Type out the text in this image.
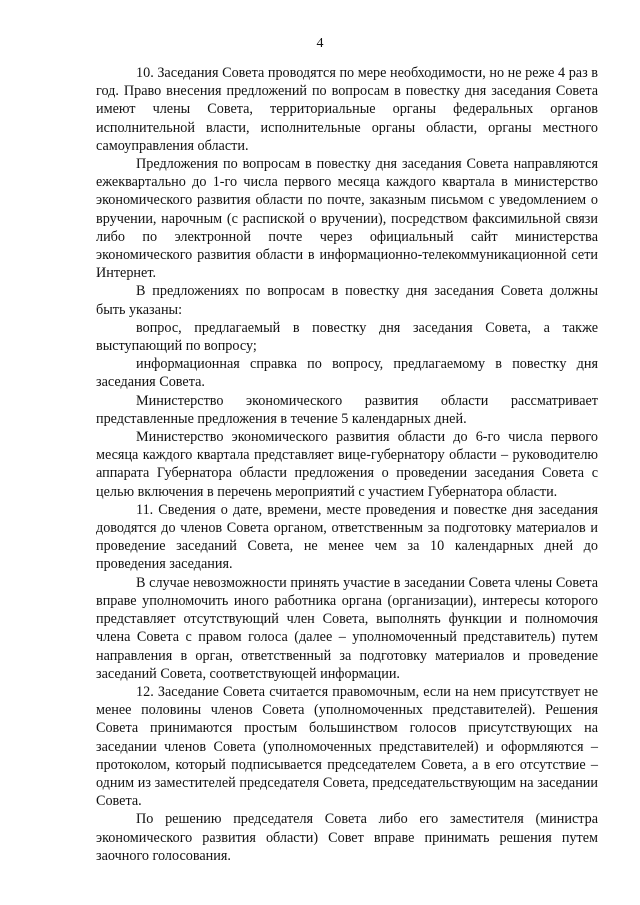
4

10. Заседания Совета проводятся по мере необходимости, но не реже 4 раз в год. Право внесения предложений по вопросам в повестку дня заседания Совета имеют члены Совета, территориальные органы федеральных органов исполнительной власти, исполнительные органы области, органы местного самоуправления области.

Предложения по вопросам в повестку дня заседания Совета направляются ежеквартально до 1-го числа первого месяца каждого квартала в министерство экономического развития области по почте, заказным письмом с уведомлением о вручении, нарочным (с распиской о вручении), посредством факсимильной связи либо по электронной почте через официальный сайт министерства экономического развития области в информационно-телекоммуникационной сети Интернет.

В предложениях по вопросам в повестку дня заседания Совета должны быть указаны:

вопрос, предлагаемый в повестку дня заседания Совета, а также выступающий по вопросу;

информационная справка по вопросу, предлагаемому в повестку дня заседания Совета.

Министерство экономического развития области рассматривает представленные предложения в течение 5 календарных дней.

Министерство экономического развития области до 6-го числа первого месяца каждого квартала представляет вице-губернатору области – руководителю аппарата Губернатора области предложения о проведении заседания Совета с целью включения в перечень мероприятий с участием Губернатора области.

11. Сведения о дате, времени, месте проведения и повестке дня заседания доводятся до членов Совета органом, ответственным за подготовку материалов и проведение заседаний Совета, не менее чем за 10 календарных дней до проведения заседания.

В случае невозможности принять участие в заседании Совета члены Совета вправе уполномочить иного работника органа (организации), интересы которого представляет отсутствующий член Совета, выполнять функции и полномочия члена Совета с правом голоса (далее – уполномоченный представитель) путем направления в орган, ответственный за подготовку материалов и проведение заседаний Совета, соответствующей информации.

12. Заседание Совета считается правомочным, если на нем присутствует не менее половины членов Совета (уполномоченных представителей). Решения Совета принимаются простым большинством голосов присутствующих на заседании членов Совета (уполномоченных представителей) и оформляются – протоколом, который подписывается председателем Совета, а в его отсутствие – одним из заместителей председателя Совета, председательствующим на заседании Совета.

По решению председателя Совета либо его заместителя (министра экономического развития области) Совет вправе принимать решения путем заочного голосования.
